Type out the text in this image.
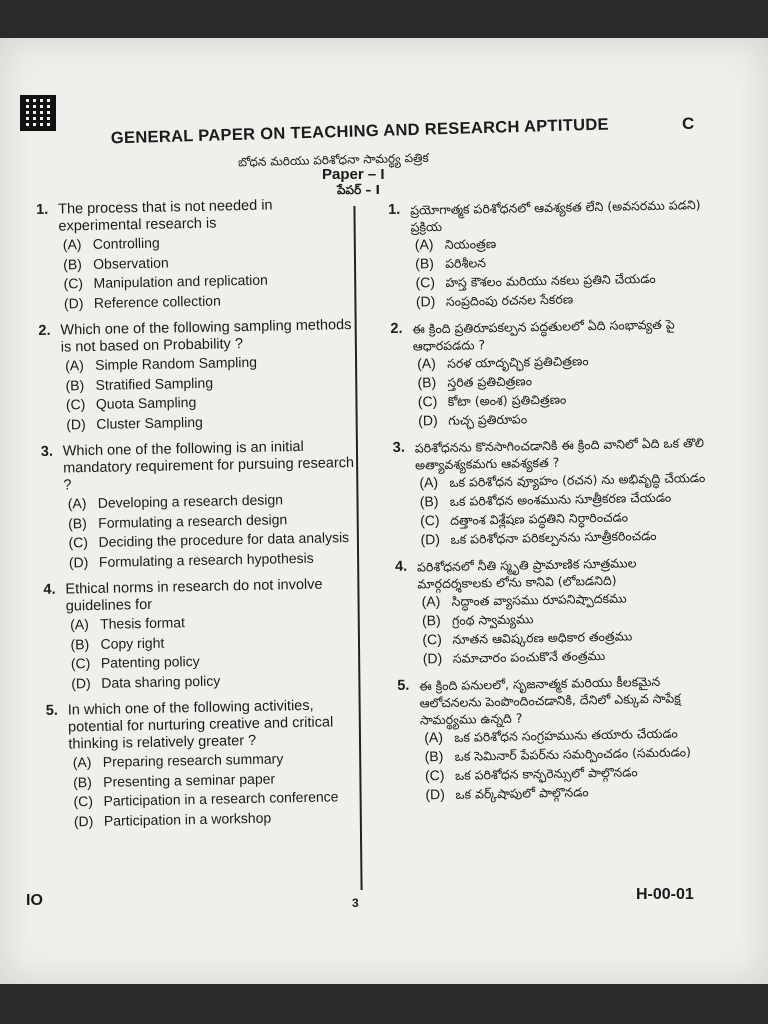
C
GENERAL PAPER ON TEACHING AND RESEARCH APTITUDE
బోధన మరియు పరిశోధనా సామర్థ్య పత్రిక
Paper – I
పేపర్ – I
1. The process that is not needed in experimental research is
(A) Controlling
(B) Observation
(C) Manipulation and replication
(D) Reference collection
2. Which one of the following sampling methods is not based on Probability ?
(A) Simple Random Sampling
(B) Stratified Sampling
(C) Quota Sampling
(D) Cluster Sampling
3. Which one of the following is an initial mandatory requirement for pursuing research ?
(A) Developing a research design
(B) Formulating a research design
(C) Deciding the procedure for data analysis
(D) Formulating a research hypothesis
4. Ethical norms in research do not involve guidelines for
(A) Thesis format
(B) Copy right
(C) Patenting policy
(D) Data sharing policy
5. In which one of the following activities, potential for nurturing creative and critical thinking is relatively greater ?
(A) Preparing research summary
(B) Presenting a seminar paper
(C) Participation in a research conference
(D) Participation in a workshop
1. ప్రయోగాత్మక పరిశోధనలో ఆవశ్యకత లేని (అవసరము పడని) ప్రక్రియ
(A) నియంత్రణ
(B) పరిశీలన
(C) హస్త కౌశలం మరియు నకలు ప్రతిని చేయడం
(D) సంప్రదింపు రచనల సేకరణ
2. ఈ క్రింది ప్రతిరూపకల్పన పద్ధతులలో ఏది సంభావ్యత పై ఆధారపడదు ?
(A) సరళ యాదృచ్ఛిక ప్రతిచిత్రణం
(B) స్తరిత ప్రతిచిత్రణం
(C) కోటా (అంశ) ప్రతిచిత్రణం
(D) గుచ్ఛ ప్రతిరూపం
3. పరిశోధనను కొనసాగించడానికి ఈ క్రింది వానిలో ఏది ఒక తొలి అత్యావశ్యకమగు ఆవశ్యకత ?
(A) ఒక పరిశోధన వ్యూహం (రచన) ను అభివృద్ధి చేయడం
(B) ఒక పరిశోధన అంశమును సూత్రీకరణ చేయడం
(C) దత్తాంశ విశ్లేషణ పద్ధతిని నిర్ధారించడం
(D) ఒక పరిశోధనా పరికల్పనను సూత్రీకరించడం
4. పరిశోధనలో నీతి స్మృతి ప్రామాణిక సూత్రముల మార్గదర్శకాలకు లోను కానివి (లోబడనిది)
(A) సిద్ధాంత వ్యాసము రూపనిష్పాదకము
(B) గ్రంథ స్వామ్యము
(C) నూతన ఆవిష్కరణ అధికార తంత్రము
(D) సమాచారం పంచుకొనే తంత్రము
5. ఈ క్రింది పనులలో, సృజనాత్మక మరియు కీలకమైన ఆలోచనలను పెంపొందించడానికి, దేనిలో ఎక్కువ సాపేక్ష సామర్థ్యము ఉన్నది ?
(A) ఒక పరిశోధన సంగ్రహమును తయారు చేయడం
(B) ఒక సెమినార్ పేపర్‌ను సమర్పించడం (సమరుడం)
(C) ఒక పరిశోధన కాన్ఫరెన్సులో పాల్గొనడం
(D) ఒక వర్క్‌షాపులో పాల్గొనడం
IO	3	H-00-01
